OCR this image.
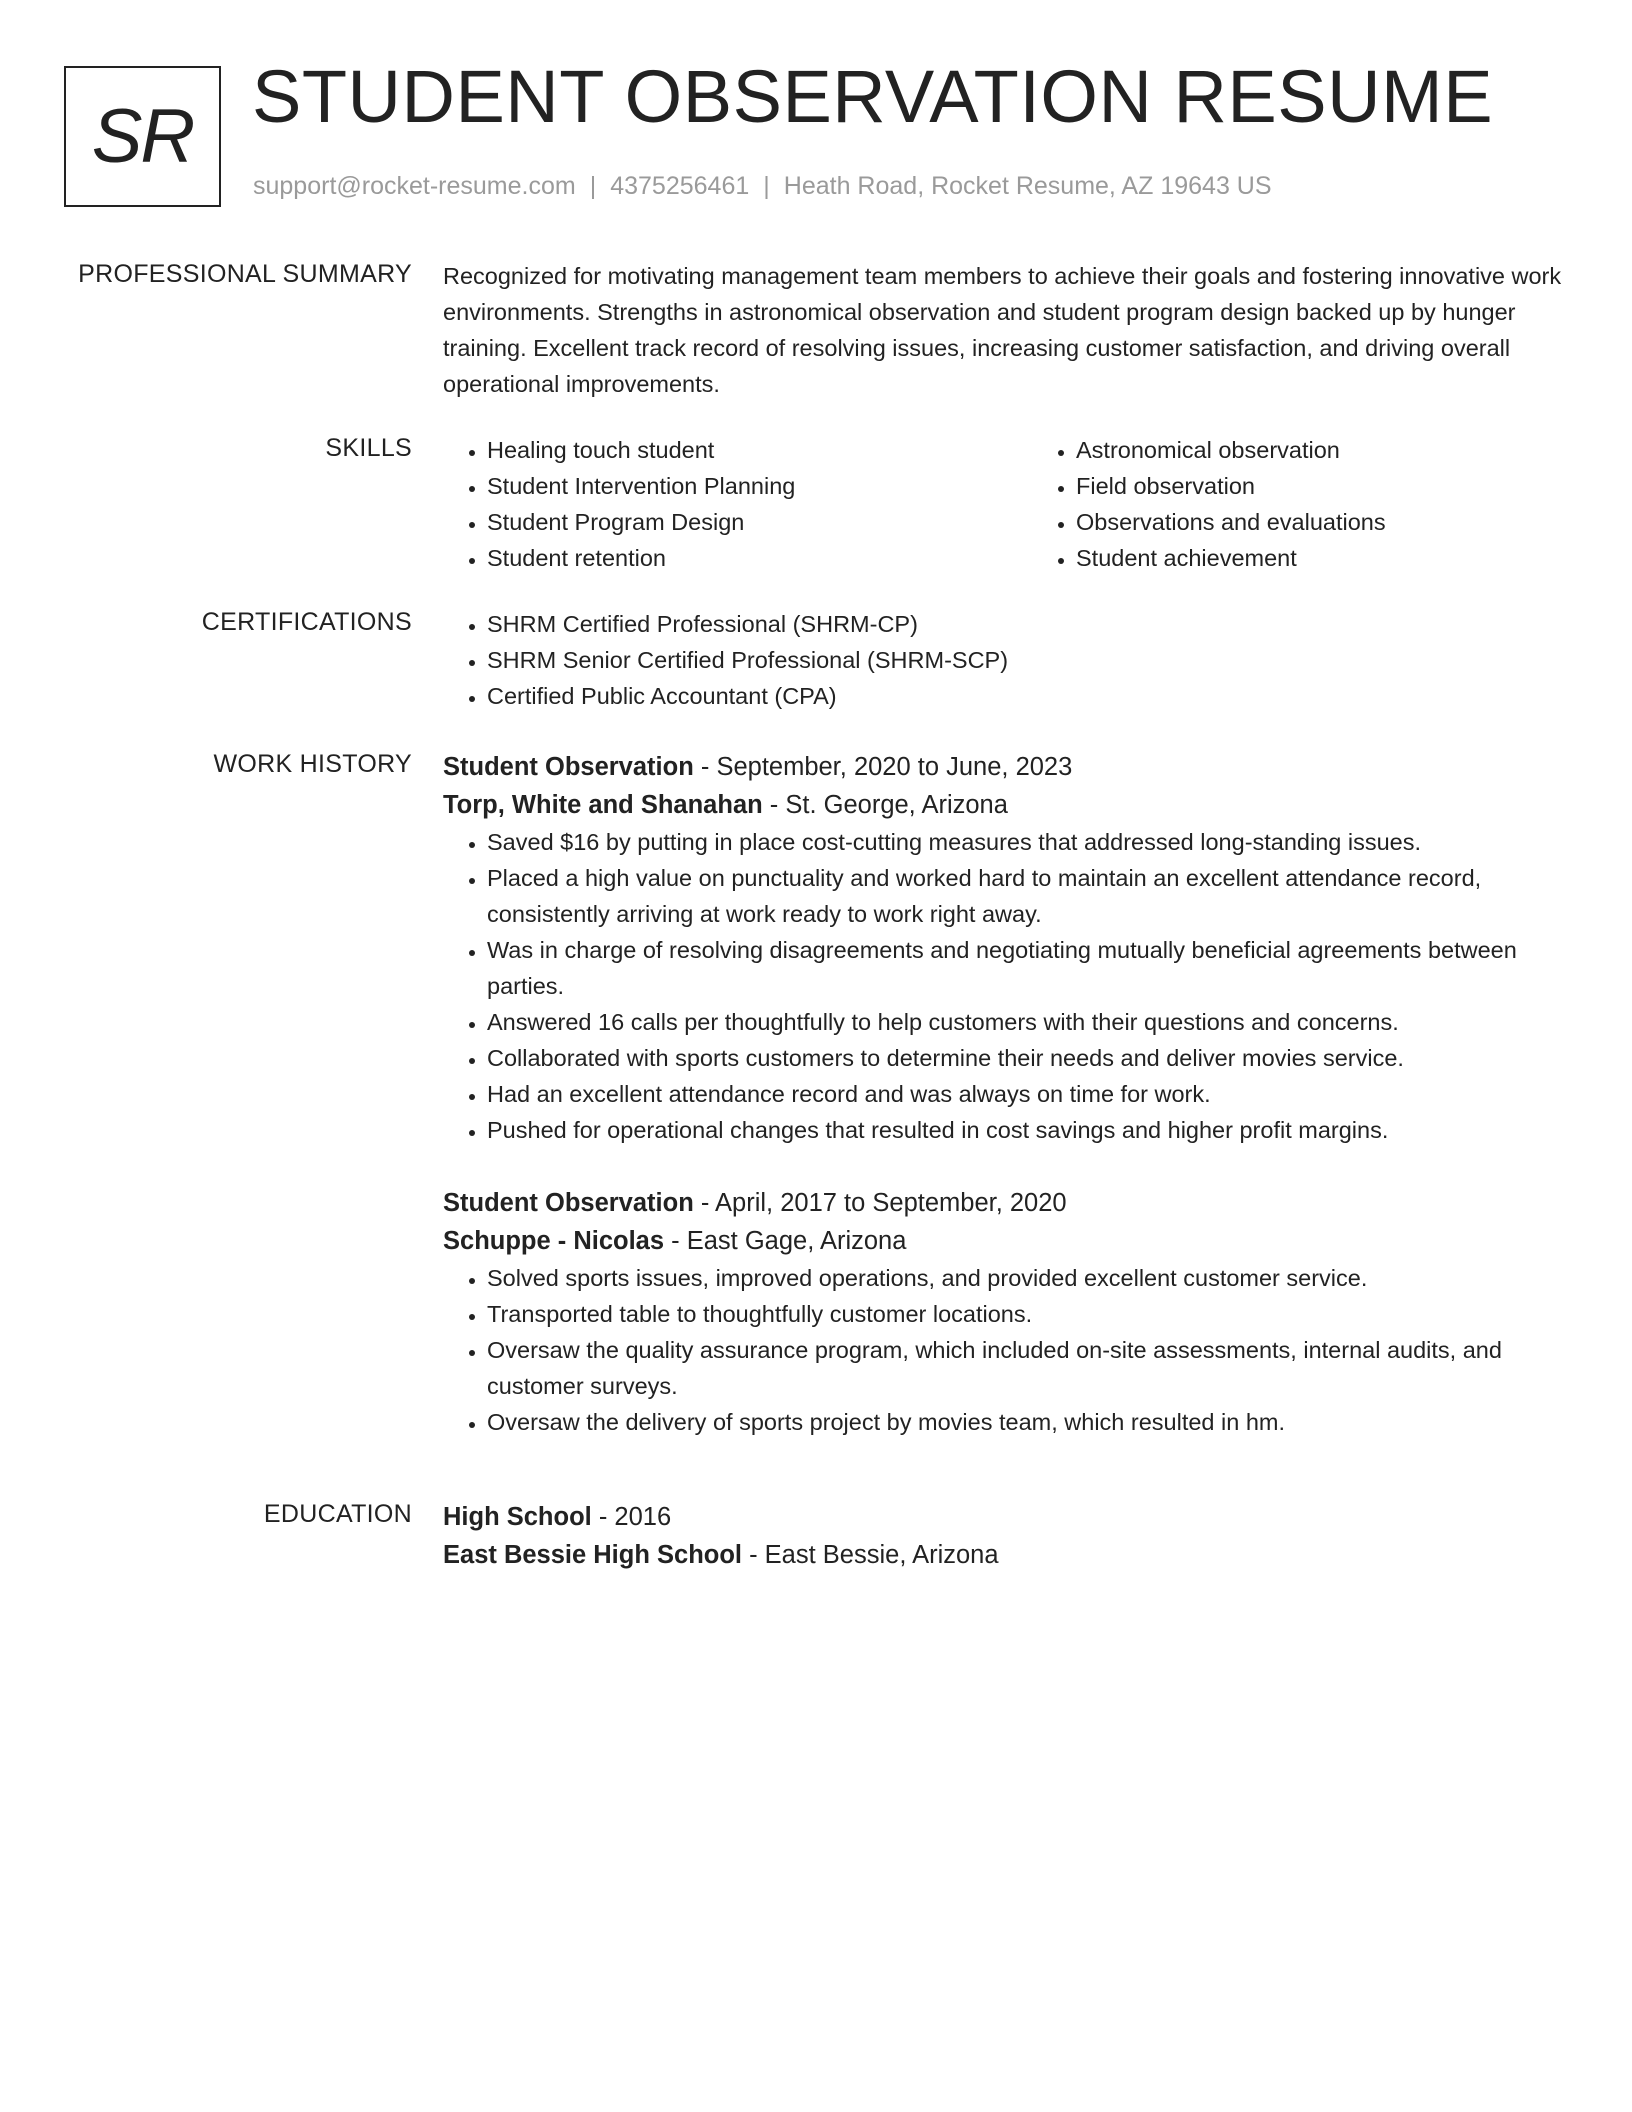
SR STUDENT OBSERVATION RESUME
support@rocket-resume.com | 4375256461 | Heath Road, Rocket Resume, AZ 19643 US
PROFESSIONAL SUMMARY Recognized for motivating management team members to achieve their goals and fostering innovative work environments. Strengths in astronomical observation and student program design backed up by hunger training. Excellent track record of resolving issues, increasing customer satisfaction, and driving overall operational improvements.

SKILLS	• Healing touch student
• Student Intervention Planning
• Student Program Design
• Student retention
• Astronomical observation
• Field observation
• Observations and evaluations
• Student achievement
CERTIFICATIONS	• SHRM Certified Professional (SHRM-CP)
• SHRM Senior Certified Professional (SHRM-SCP)
• Certified Public Accountant (CPA)
WORK HISTORY Student Observation - September, 2020 to June, 2023
Torp, White and Shanahan - St. George, Arizona
• Saved $16 by putting in place cost-cutting measures that addressed long-standing issues.
• Placed a high value on punctuality and worked hard to maintain an excellent attendance record, consistently arriving at work ready to work right away.
• Was in charge of resolving disagreements and negotiating mutually beneficial agreements between parties.
• Answered 16 calls per thoughtfully to help customers with their questions and concerns.
• Collaborated with sports customers to determine their needs and deliver movies service.
• Had an excellent attendance record and was always on time for work.
• Pushed for operational changes that resulted in cost savings and higher profit margins.
Student Observation - April, 2017 to September, 2020
Schuppe - Nicolas - East Gage, Arizona
• Solved sports issues, improved operations, and provided excellent customer service.
• Transported table to thoughtfully customer locations.
• Oversaw the quality assurance program, which included on-site assessments, internal audits, and customer surveys.
• Oversaw the delivery of sports project by movies team, which resulted in hm.
EDUCATION High School - 2016
East Bessie High School - East Bessie, Arizona
